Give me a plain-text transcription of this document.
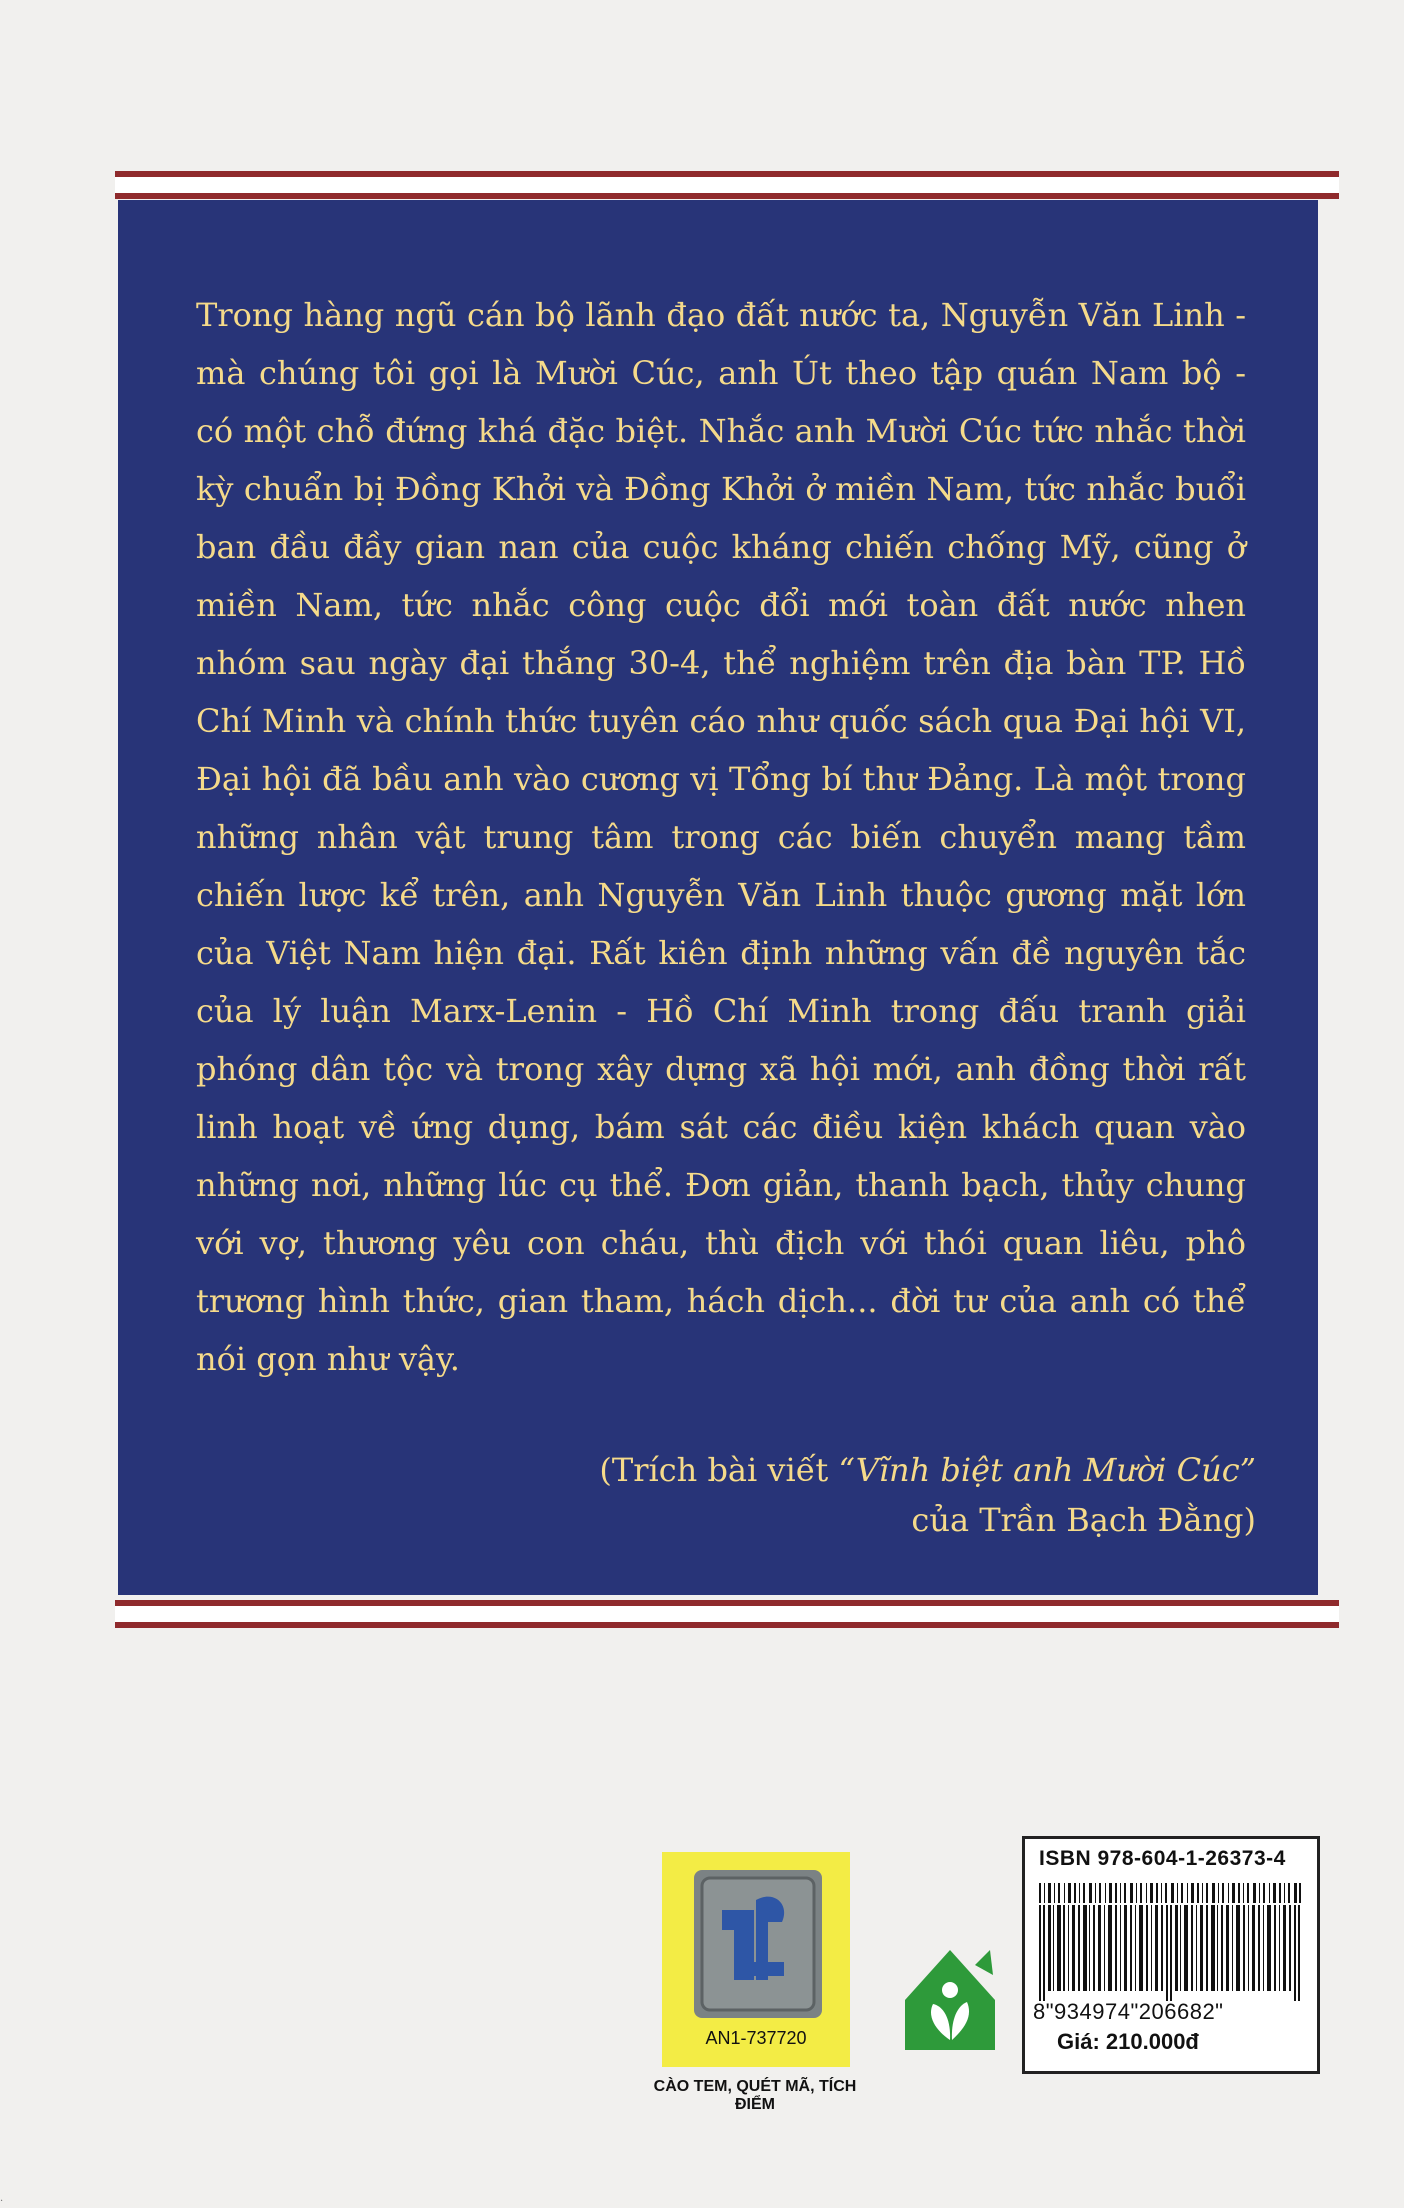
Trong hàng ngũ cán bộ lãnh đạo đất nước ta, Nguyễn Văn Linh - mà chúng tôi gọi là Mười Cúc, anh Út theo tập quán Nam bộ - có một chỗ đứng khá đặc biệt. Nhắc anh Mười Cúc tức nhắc thời kỳ chuẩn bị Đồng Khởi và Đồng Khởi ở miền Nam, tức nhắc buổi ban đầu đầy gian nan của cuộc kháng chiến chống Mỹ, cũng ở miền Nam, tức nhắc công cuộc đổi mới toàn đất nước nhen nhóm sau ngày đại thắng 30-4, thể nghiệm trên địa bàn TP. Hồ Chí Minh và chính thức tuyên cáo như quốc sách qua Đại hội VI, Đại hội đã bầu anh vào cương vị Tổng bí thư Đảng. Là một trong những nhân vật trung tâm trong các biến chuyển mang tầm chiến lược kể trên, anh Nguyễn Văn Linh thuộc gương mặt lớn của Việt Nam hiện đại. Rất kiên định những vấn đề nguyên tắc của lý luận Marx-Lenin - Hồ Chí Minh trong đấu tranh giải phóng dân tộc và trong xây dựng xã hội mới, anh đồng thời rất linh hoạt về ứng dụng, bám sát các điều kiện khách quan vào những nơi, những lúc cụ thể. Đơn giản, thanh bạch, thủy chung với vợ, thương yêu con cháu, thù địch với thói quan liêu, phô trương hình thức, gian tham, hách dịch... đời tư của anh có thể nói gọn như vậy.

(Trích bài viết “Vĩnh biệt anh Mười Cúc”
của Trần Bạch Đằng)
AN1-737720
CÀO TEM, QUÉT MÃ, TÍCH ĐIỂM
ISBN 978-604-1-26373-4
8"934974"206682"
Giá: 210.000đ
·
